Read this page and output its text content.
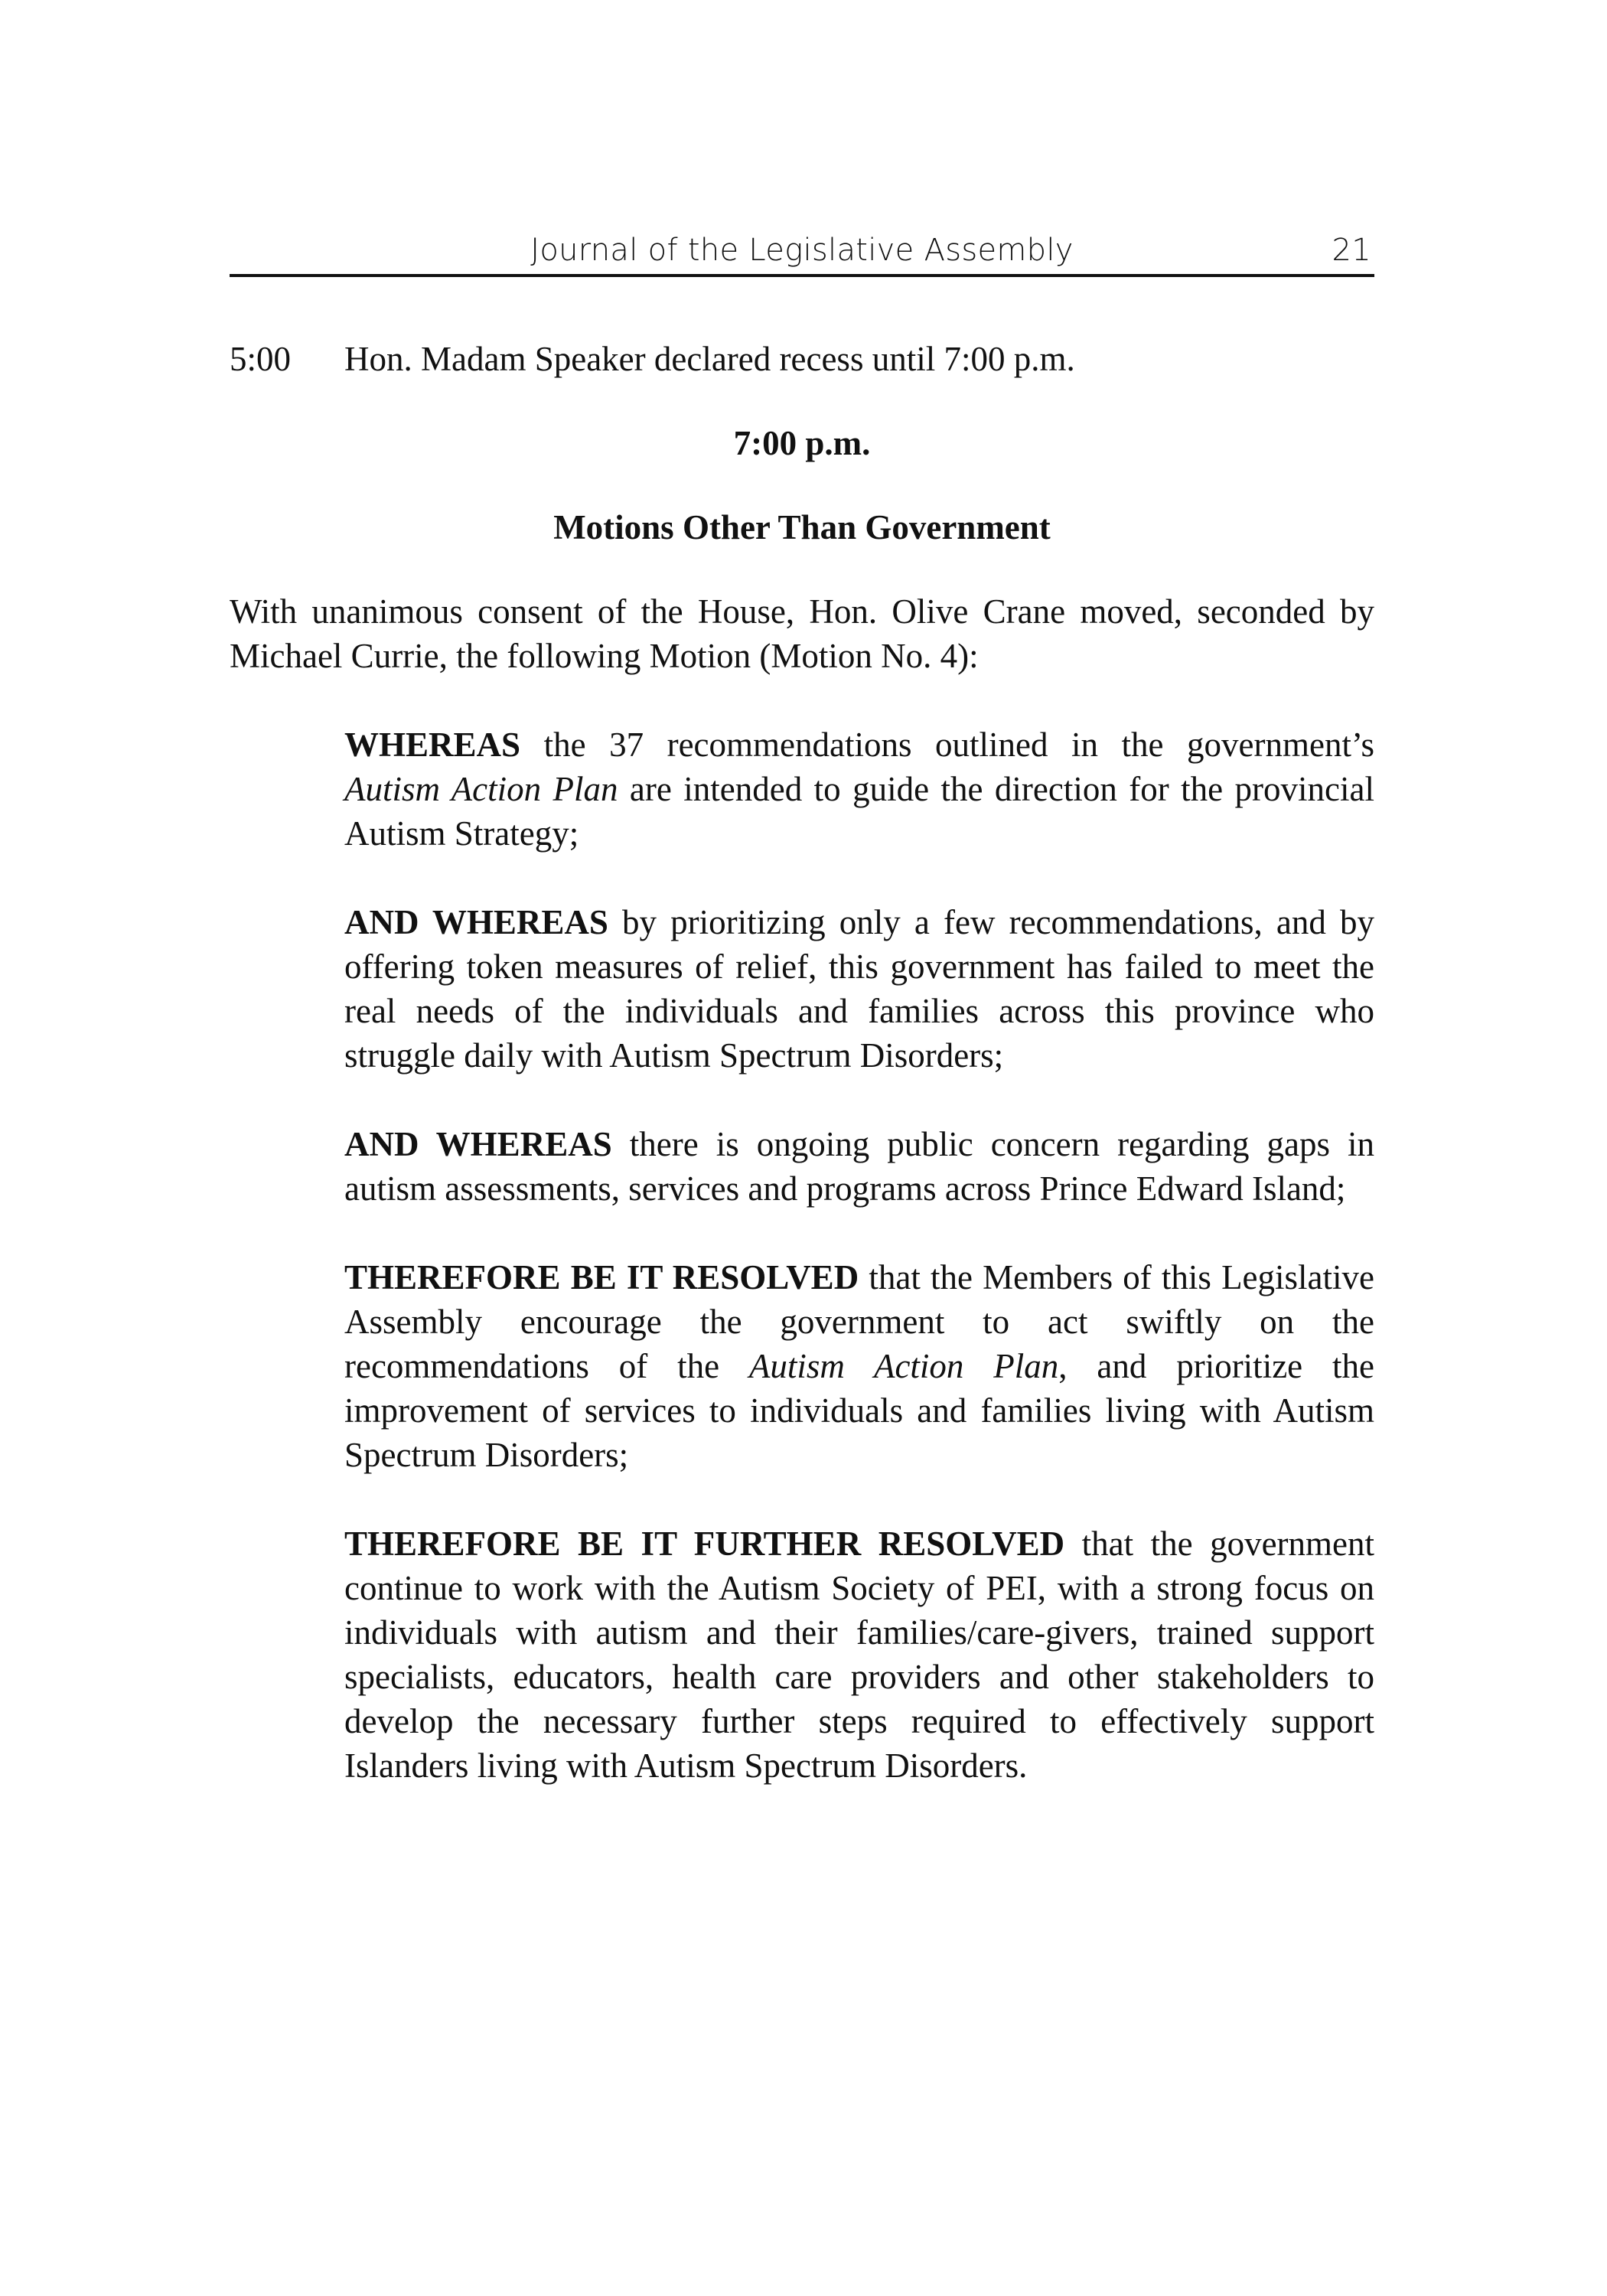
Journal of the Legislative Assembly	21
5:00	Hon. Madam Speaker declared recess until 7:00 p.m.

7:00 p.m.

Motions Other Than Government

With unanimous consent of the House, Hon. Olive Crane moved, seconded by Michael Currie, the following Motion (Motion No. 4):

WHEREAS the 37 recommendations outlined in the government’s Autism Action Plan are intended to guide the direction for the provincial Autism Strategy;

AND WHEREAS by prioritizing only a few recommendations, and by offering token measures of relief, this government has failed to meet the real needs of the individuals and families across this province who struggle daily with Autism Spectrum Disorders;

AND WHEREAS there is ongoing public concern regarding gaps in autism assessments, services and programs across Prince Edward Island;

THEREFORE BE IT RESOLVED that the Members of this Legislative Assembly encourage the government to act swiftly on the recommendations of the Autism Action Plan, and prioritize the improvement of services to individuals and families living with Autism Spectrum Disorders;

THEREFORE BE IT FURTHER RESOLVED that the government continue to work with the Autism Society of PEI, with a strong focus on individuals with autism and their families/care-givers, trained support specialists, educators, health care providers and other stakeholders to develop the necessary further steps required to effectively support Islanders living with Autism Spectrum Disorders.
